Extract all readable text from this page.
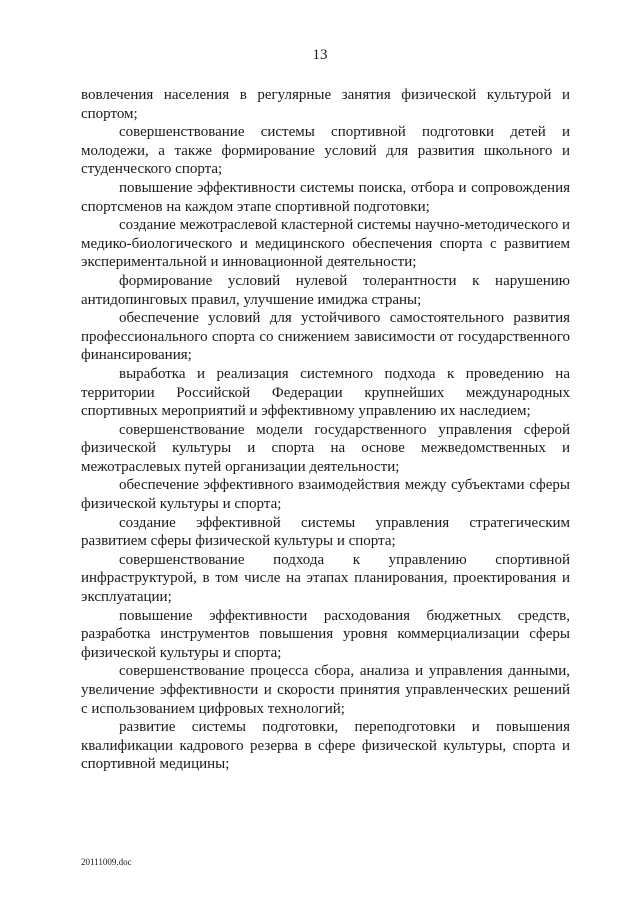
13

вовлечения населения в регулярные занятия физической культурой и спортом;

совершенствование системы спортивной подготовки детей и молодежи, а также формирование условий для развития школьного и студенческого спорта;

повышение эффективности системы поиска, отбора и сопровождения спортсменов на каждом этапе спортивной подготовки;

создание межотраслевой кластерной системы научно-методического и медико-биологического и медицинского обеспечения спорта с развитием экспериментальной и инновационной деятельности;

формирование условий нулевой толерантности к нарушению антидопинговых правил, улучшение имиджа страны;

обеспечение условий для устойчивого самостоятельного развития профессионального спорта со снижением зависимости от государственного финансирования;

выработка и реализация системного подхода к проведению на территории Российской Федерации крупнейших международных спортивных мероприятий и эффективному управлению их наследием;

совершенствование модели государственного управления сферой физической культуры и спорта на основе межведомственных и межотраслевых путей организации деятельности;

обеспечение эффективного взаимодействия между субъектами сферы физической культуры и спорта;

создание эффективной системы управления стратегическим развитием сферы физической культуры и спорта;

совершенствование подхода к управлению спортивной инфраструктурой, в том числе на этапах планирования, проектирования и эксплуатации;

повышение эффективности расходования бюджетных средств, разработка инструментов повышения уровня коммерциализации сферы физической культуры и спорта;

совершенствование процесса сбора, анализа и управления данными, увеличение эффективности и скорости принятия управленческих решений с использованием цифровых технологий;

развитие системы подготовки, переподготовки и повышения квалификации кадрового резерва в сфере физической культуры, спорта и спортивной медицины;

20111009.doc
